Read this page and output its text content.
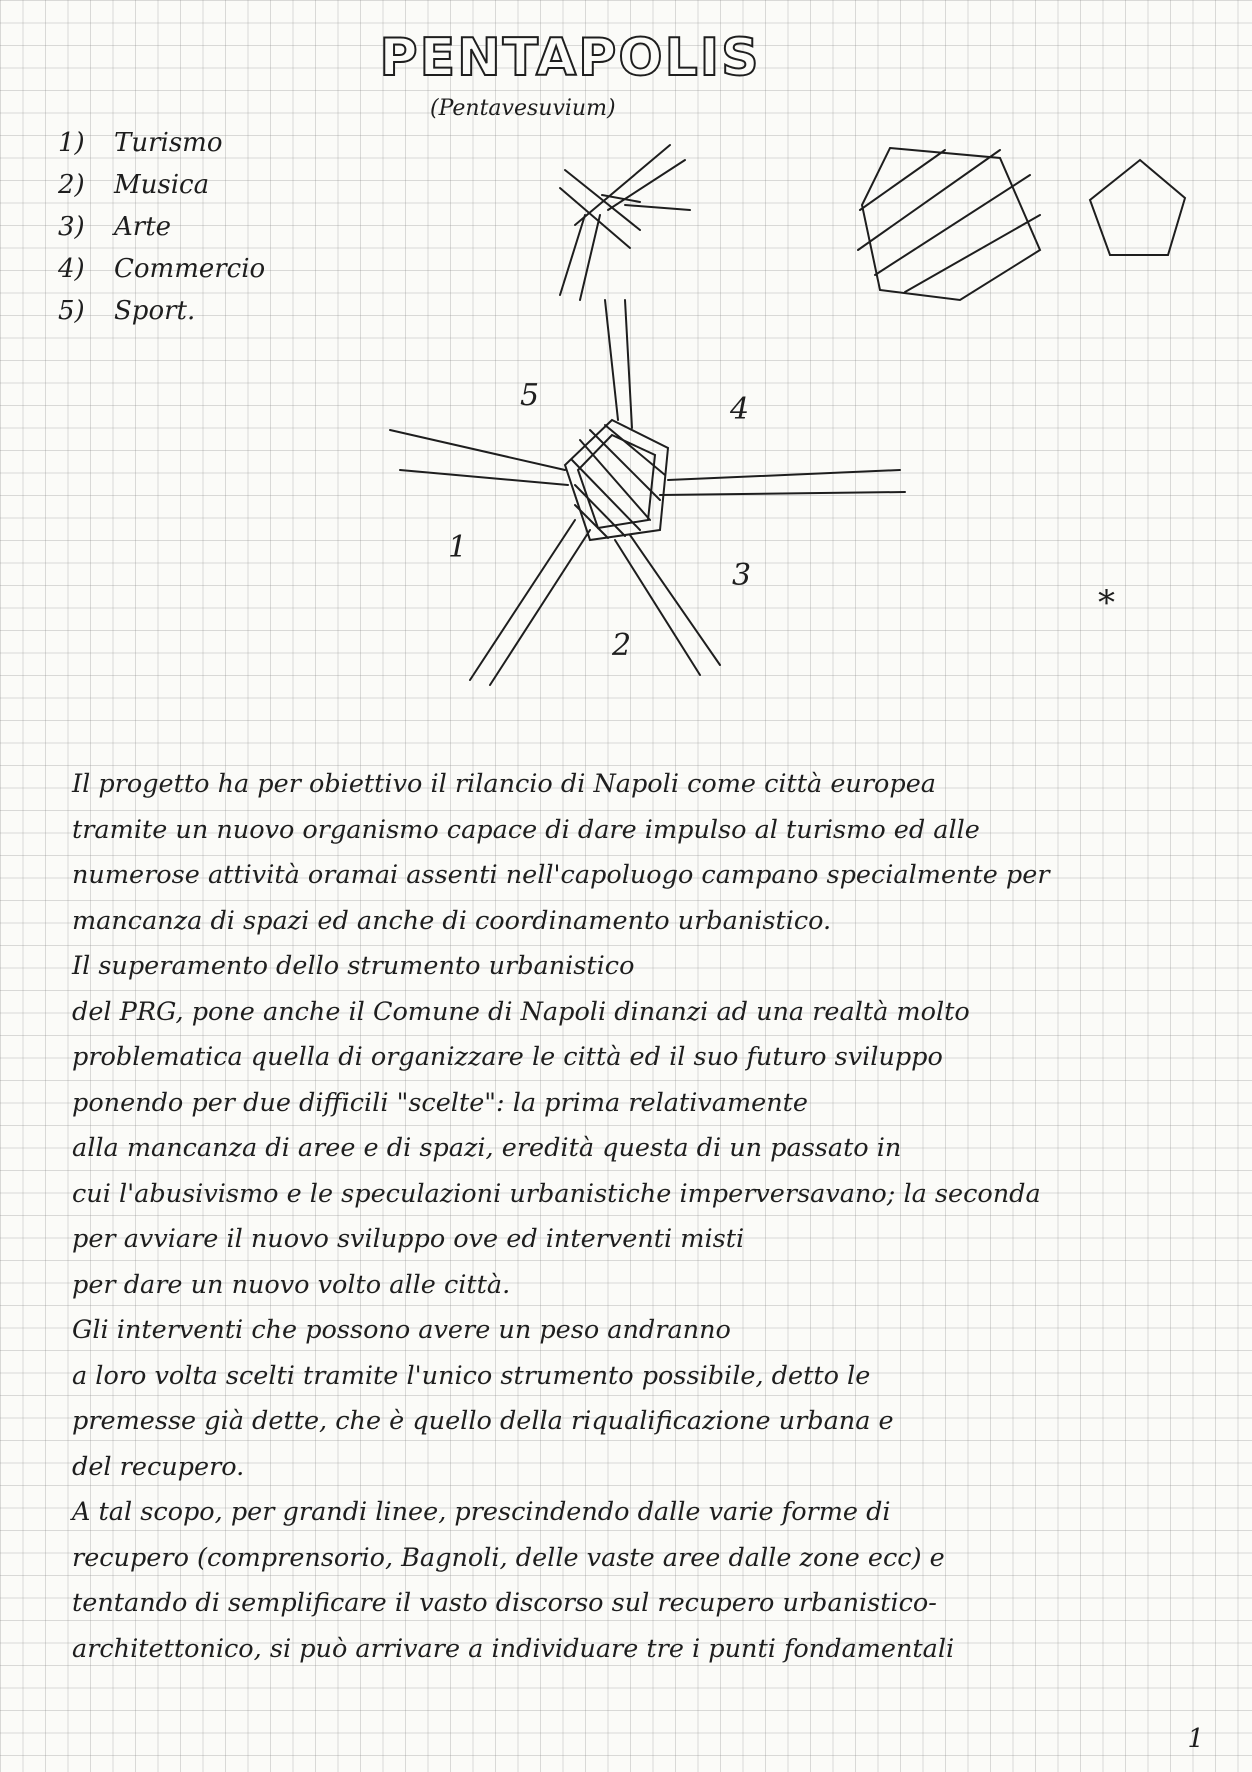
PENTAPOLIS
(Pentavesuvium)
1) Turismo
2) Musica
3) Arte
4) Commercio
5) Sport.
5	4
1
3
2
*
Il progetto ha per obiettivo il rilancio di Napoli come città europea
tramite un nuovo organismo capace di dare impulso al turismo ed alle
numerose attività oramai assenti nell'capoluogo campano specialmente per
mancanza di spazi ed anche di coordinamento urbanistico.
Il superamento dello strumento urbanistico
del PRG, pone anche il Comune di Napoli dinanzi ad una realtà molto
problematica quella di organizzare le città ed il suo futuro sviluppo
ponendo per due difficili "scelte": la prima relativamente
alla mancanza di aree e di spazi, eredità questa di un passato in
cui l'abusivismo e le speculazioni urbanistiche imperversavano; la seconda
per avviare il nuovo sviluppo ove ed interventi misti
per dare un nuovo volto alle città.
Gli interventi che possono avere un peso andranno
a loro volta scelti tramite l'unico strumento possibile, detto le
premesse già dette, che è quello della riqualificazione urbana e
del recupero.
A tal scopo, per grandi linee, prescindendo dalle varie forme di
recupero (comprensorio, Bagnoli, delle vaste aree dalle zone ecc) e
tentando di semplificare il vasto discorso sul recupero urbanistico-
architettonico, si può arrivare a individuare tre i punti fondamentali
1
